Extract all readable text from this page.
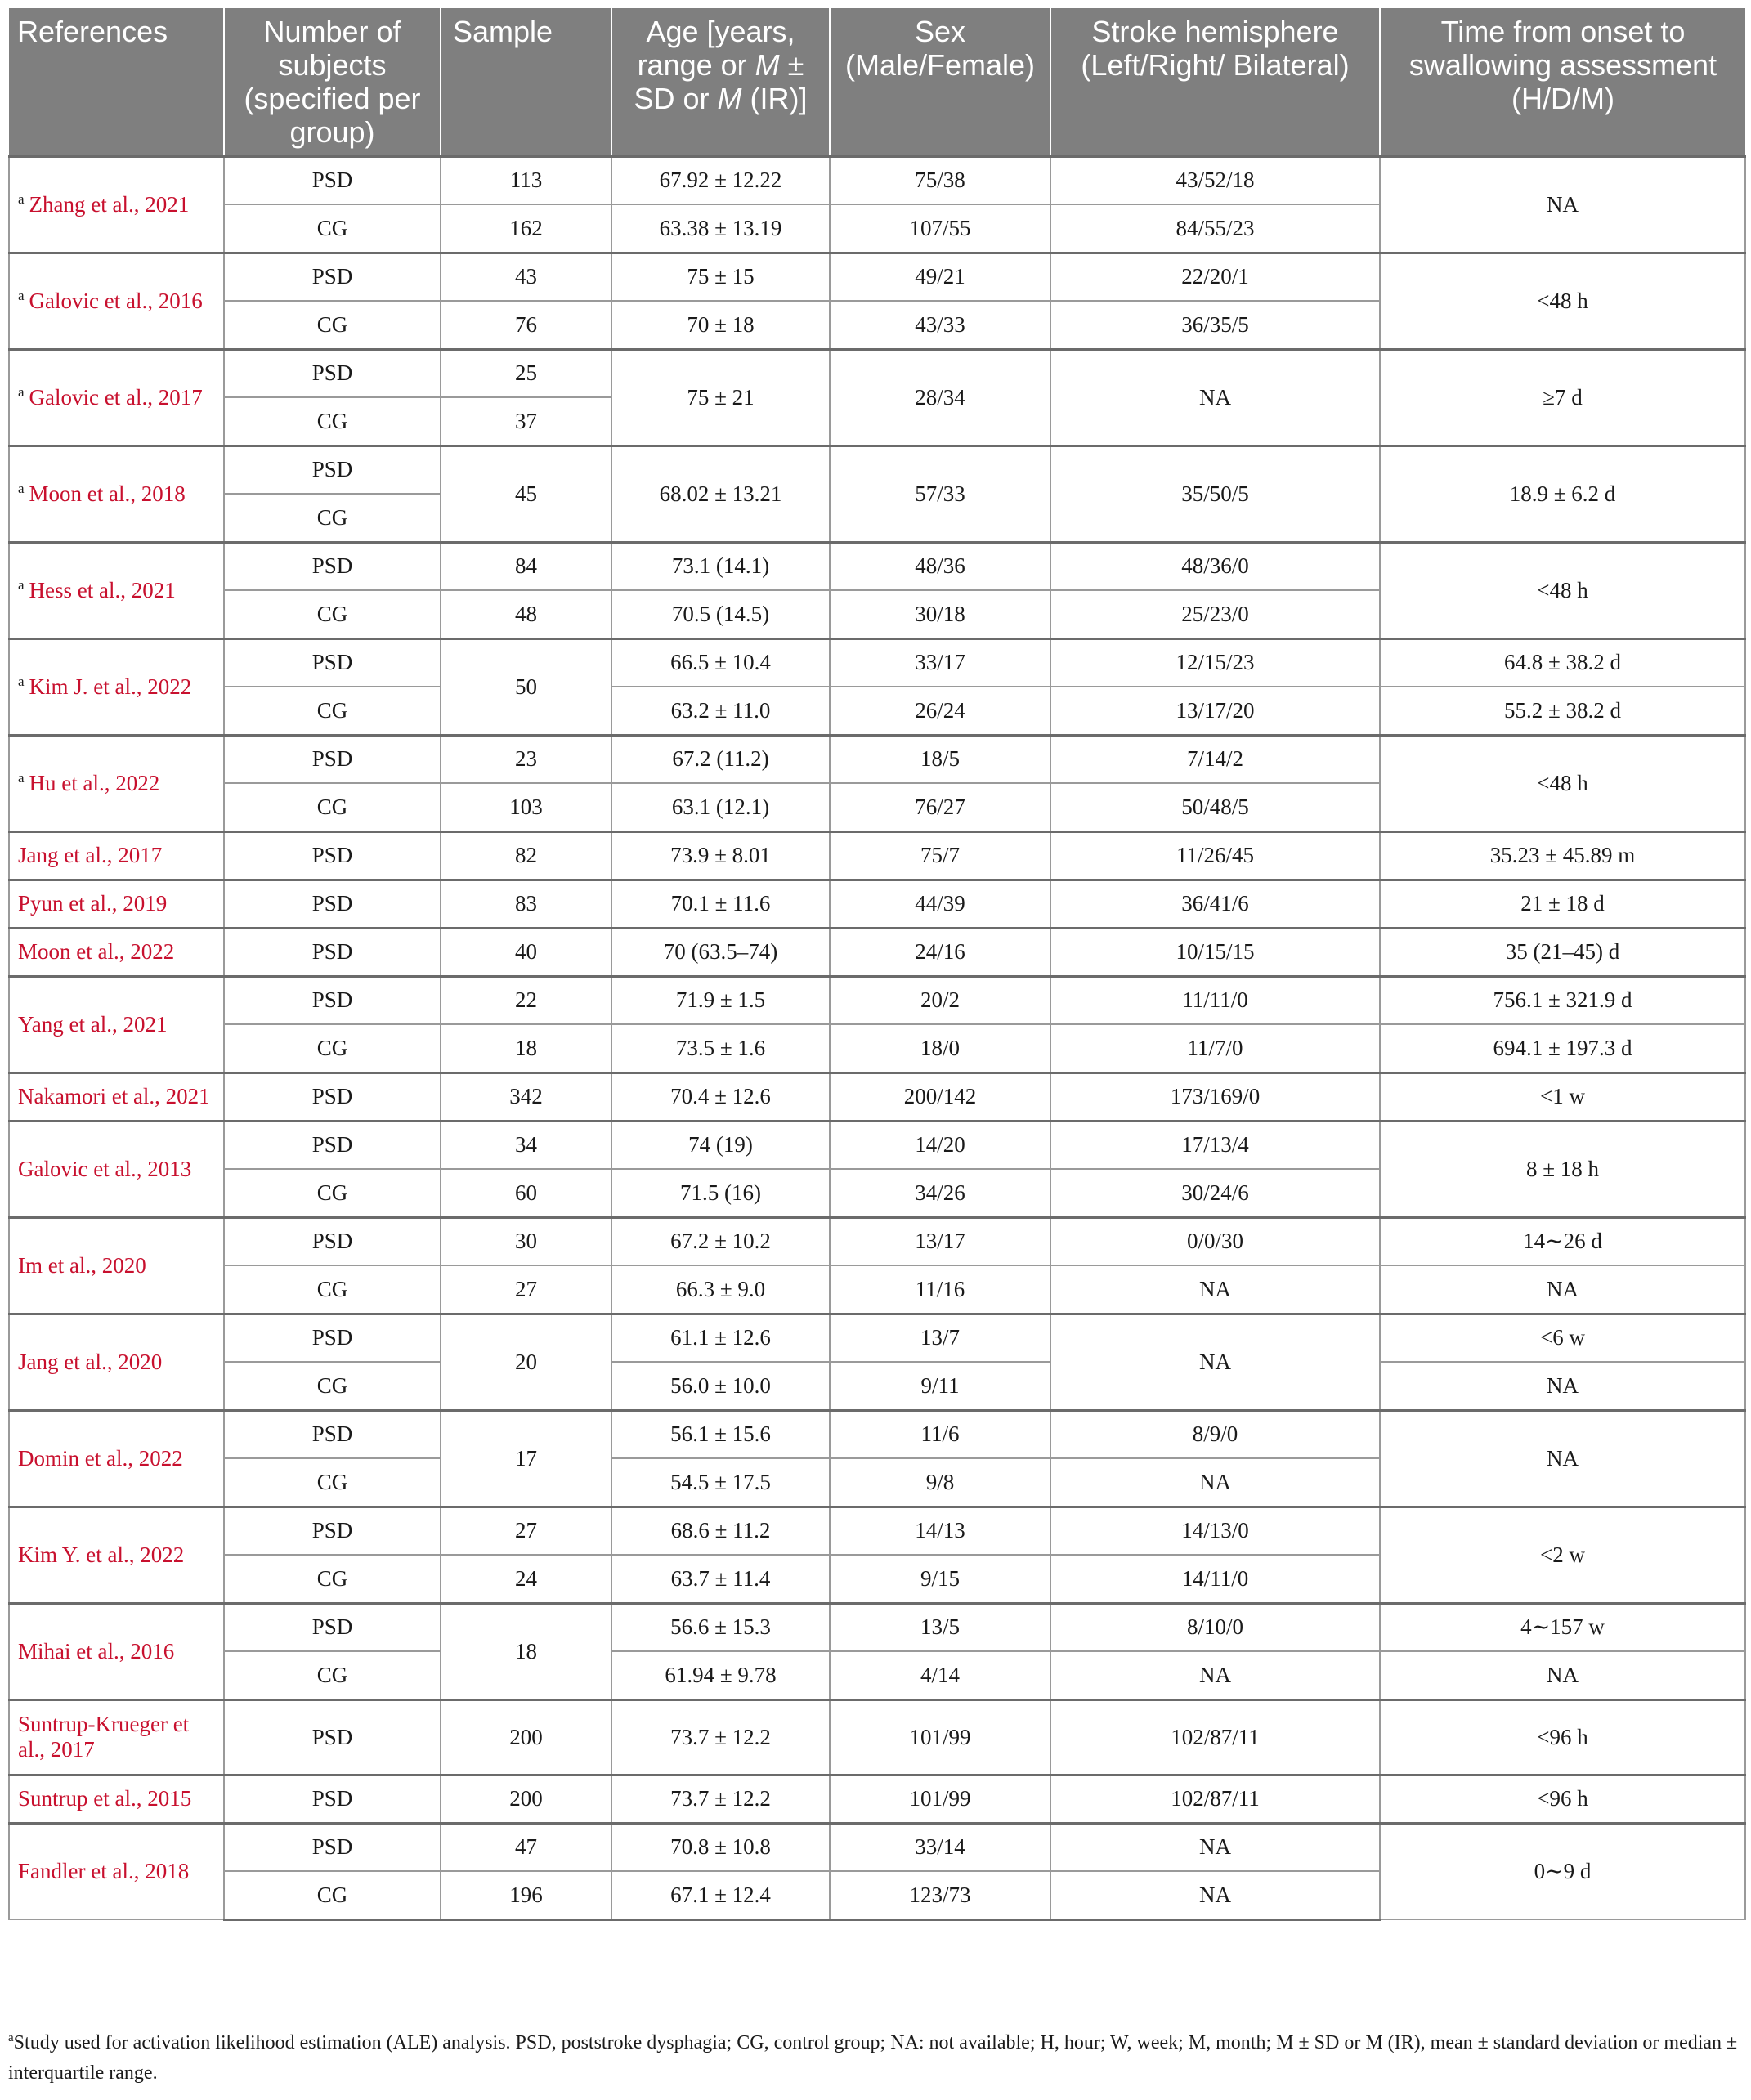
References	Number of subjects (specified per group)	Sample	Age [years, range or M ± SD or M (IR)]	Sex (Male/Female)	Stroke hemisphere (Left/Right/ Bilateral)	Time from onset to swallowing assessment (H/D/M)
$^a$ Zhang et al., 2021	PSD	113	67.92 ± 12.22	75/38	43/52/18	NA
	CG	162	63.38 ± 13.19	107/55	84/55/23	
$^a$ Galovic et al., 2016	PSD	43	75 ± 15	49/21	22/20/1	<48 h
	CG	76	70 ± 18	43/33	36/35/5	
$^a$ Galovic et al., 2017	PSD	25	75 ± 21	28/34	NA	≥7 d
	CG	37				
$^a$ Moon et al., 2018	PSD	45	68.02 ± 13.21	57/33	35/50/5	18.9 ± 6.2 d
	CG					
$^a$ Hess et al., 2021	PSD	84	73.1 (14.1)	48/36	48/36/0	<48 h
	CG	48	70.5 (14.5)	30/18	25/23/0	
$^a$ Kim J. et al., 2022	PSD	50	66.5 ± 10.4	33/17	12/15/23	64.8 ± 38.2 d
	CG		63.2 ± 11.0	26/24	13/17/20	55.2 ± 38.2 d
$^a$ Hu et al., 2022	PSD	23	67.2 (11.2)	18/5	7/14/2	<48 h
	CG	103	63.1 (12.1)	76/27	50/48/5	
Jang et al., 2017	PSD	82	73.9 ± 8.01	75/7	11/26/45	35.23 ± 45.89 m
Pyun et al., 2019	PSD	83	70.1 ± 11.6	44/39	36/41/6	21 ± 18 d
Moon et al., 2022	PSD	40	70 (63.5–74)	24/16	10/15/15	35 (21–45) d
Yang et al., 2021	PSD	22	71.9 ± 1.5	20/2	11/11/0	756.1 ± 321.9 d
	CG	18	73.5 ± 1.6	18/0	11/7/0	694.1 ± 197.3 d
Nakamori et al., 2021	PSD	342	70.4 ± 12.6	200/142	173/169/0	<1 w
Galovic et al., 2013	PSD	34	74 (19)	14/20	17/13/4	8 ± 18 h
	CG	60	71.5 (16)	34/26	30/24/6	
Im et al., 2020	PSD	30	67.2 ± 10.2	13/17	0/0/30	14∼26 d
	CG	27	66.3 ± 9.0	11/16	NA	NA
Jang et al., 2020	PSD	20	61.1 ± 12.6	13/7	NA	<6 w
	CG		56.0 ± 10.0	9/11		NA
Domin et al., 2022	PSD	17	56.1 ± 15.6	11/6	8/9/0	NA
	CG		54.5 ± 17.5	9/8	NA	
Kim Y. et al., 2022	PSD	27	68.6 ± 11.2	14/13	14/13/0	<2 w
	CG	24	63.7 ± 11.4	9/15	14/11/0	
Mihai et al., 2016	PSD	18	56.6 ± 15.3	13/5	8/10/0	4∼157 w
	CG		61.94 ± 9.78	4/14	NA	NA
Suntrup-Krueger et al., 2017	PSD	200	73.7 ± 12.2	101/99	102/87/11	<96 h
Suntrup et al., 2015	PSD	200	73.7 ± 12.2	101/99	102/87/11	<96 h
Fandler et al., 2018	PSD	47	70.8 ± 10.8	33/14	NA	0∼9 d
	CG	196	67.1 ± 12.4	123/73	NA	
$^a$Study used for activation likelihood estimation (ALE) analysis. PSD, poststroke dysphagia; CG, control group; NA: not available; H, hour; W, week; M, month; M ± SD or M (IR), mean ± standard deviation or median ± interquartile range.
